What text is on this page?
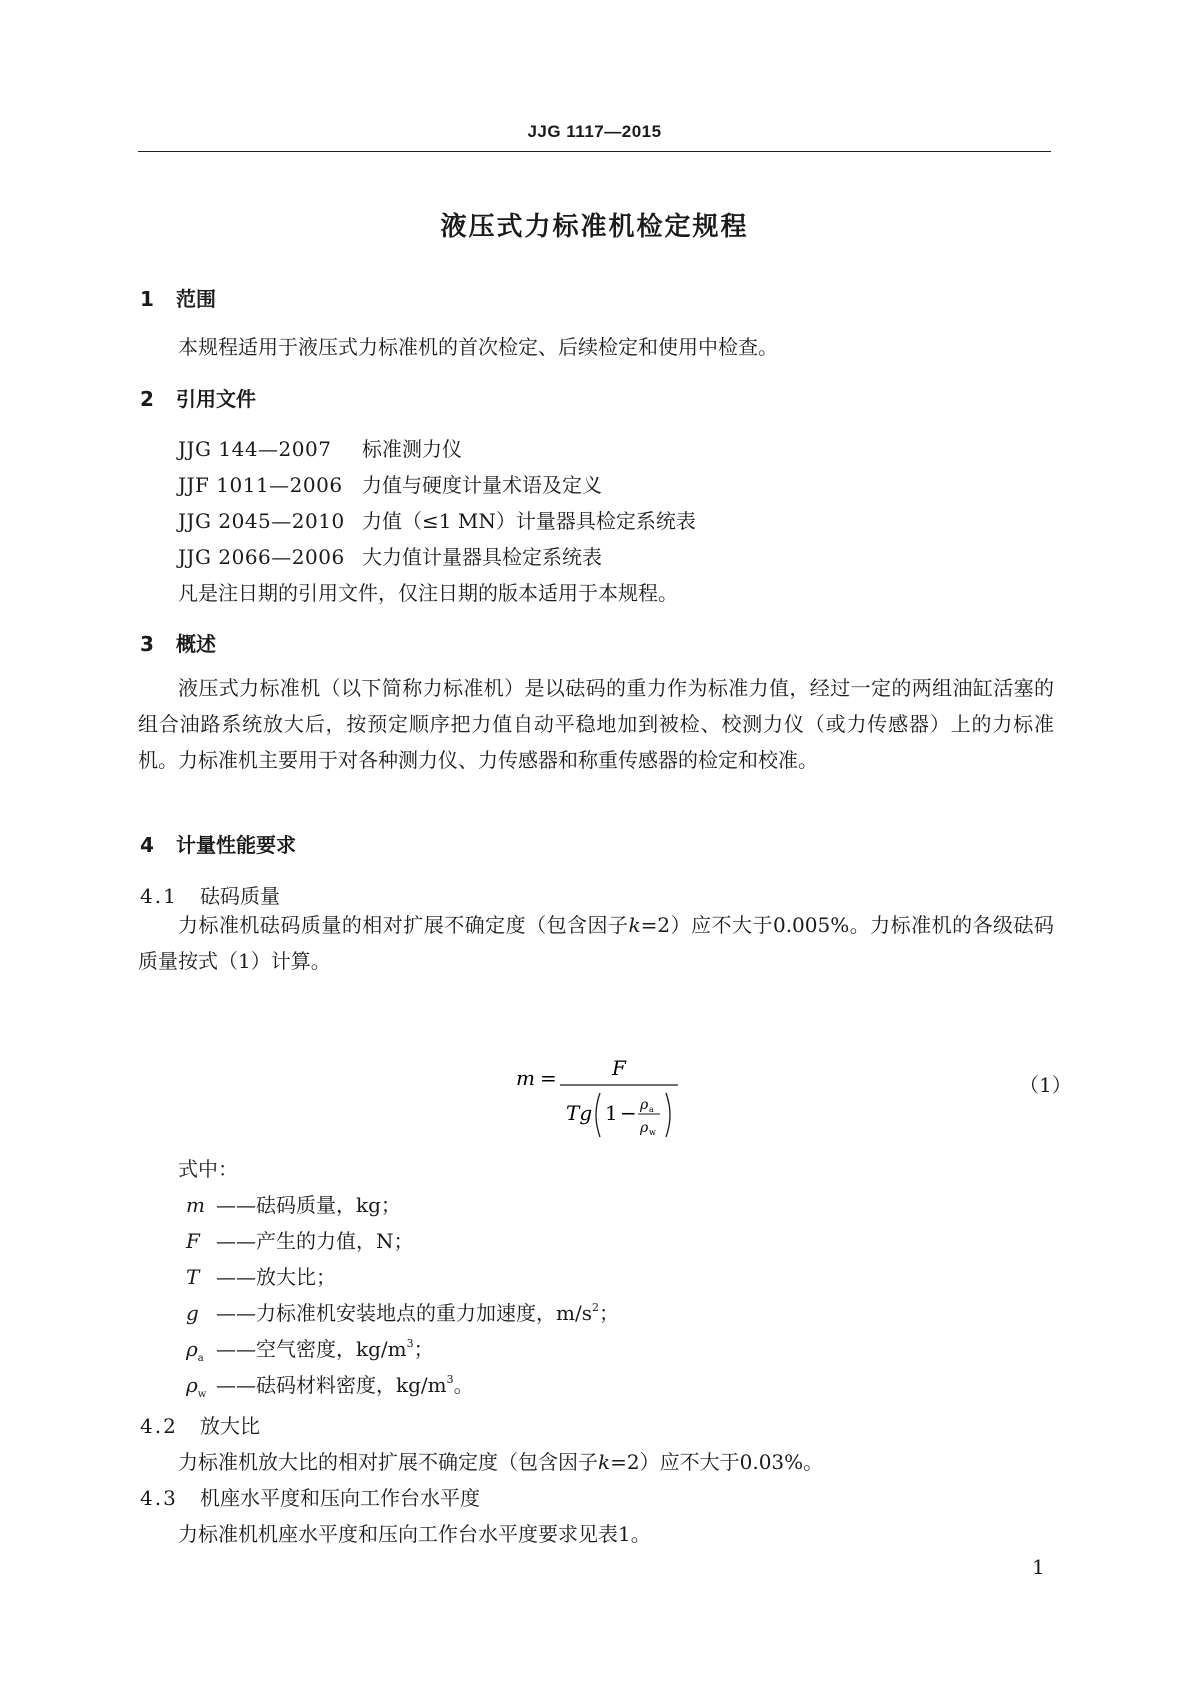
JJG 1117—2015
液压式力标准机检定规程
1 范围
本规程适用于液压式力标准机的首次检定、后续检定和使用中检查。
2 引用文件
JJG 144—2007 标准测力仪
JJF 1011—2006 力值与硬度计量术语及定义
JJG 2045—2010 力值（≤1 MN）计量器具检定系统表
JJG 2066—2006 大力值计量器具检定系统表
凡是注日期的引用文件，仅注日期的版本适用于本规程。
3 概述

液压式力标准机（以下简称力标准机）是以砝码的重力作为标准力值，经过一定的两组油缸活塞的组合油路系统放大后，按预定顺序把力值自动平稳地加到被检、校测力仪（或力传感器）上的力标准机。力标准机主要用于对各种测力仪、力传感器和称重传感器的检定和校准。

4 计量性能要求
4.1 砝码质量

力标准机砝码质量的相对扩展不确定度（包含因子k=2）应不大于0.005%。力标准机的各级砝码质量按式（1）计算。

m =	F
Tg 1 − ρ a
ρ w
（1）
式中：
m ——砝码质量，kg；
F ——产生的力值，N；
T ——放大比；
g ——力标准机安装地点的重力加速度，$m/s^2$；
$\rho_a$ ——空气密度，$kg/m^3$；
$\rho_w$ ——砝码材料密度，$kg/m^3$。
4.2 放大比
力标准机放大比的相对扩展不确定度（包含因子k=2）应不大于0.03%。
4.3 机座水平度和压向工作台水平度
力标准机机座水平度和压向工作台水平度要求见表1。
1
